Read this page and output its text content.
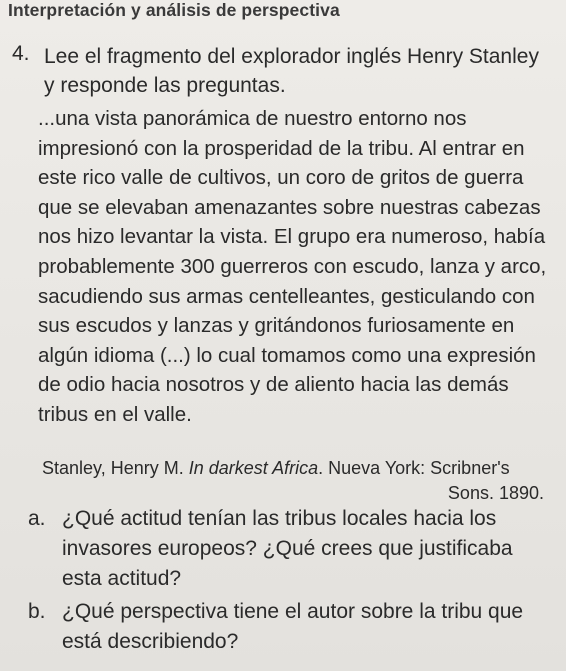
Interpretación y análisis de perspectiva
4. Lee el fragmento del explorador inglés Henry Stanley y responde las preguntas.
...una vista panorámica de nuestro entorno nos impresionó con la prosperidad de la tribu. Al entrar en este rico valle de cultivos, un coro de gritos de guerra que se elevaban amenazantes sobre nuestras cabezas nos hizo levantar la vista. El grupo era numeroso, había probablemente 300 guerreros con escudo, lanza y arco, sacudiendo sus armas centelleantes, gesticulando con sus escudos y lanzas y gritándonos furiosamente en algún idioma (...) lo cual tomamos como una expresión de odio hacia nosotros y de aliento hacia las demás tribus en el valle.
Stanley, Henry M. In darkest Africa. Nueva York: Scribner's
Sons. 1890.
a. ¿Qué actitud tenían las tribus locales hacia los invasores europeos? ¿Qué crees que justificaba esta actitud?
b. ¿Qué perspectiva tiene el autor sobre la tribu que está describiendo?
